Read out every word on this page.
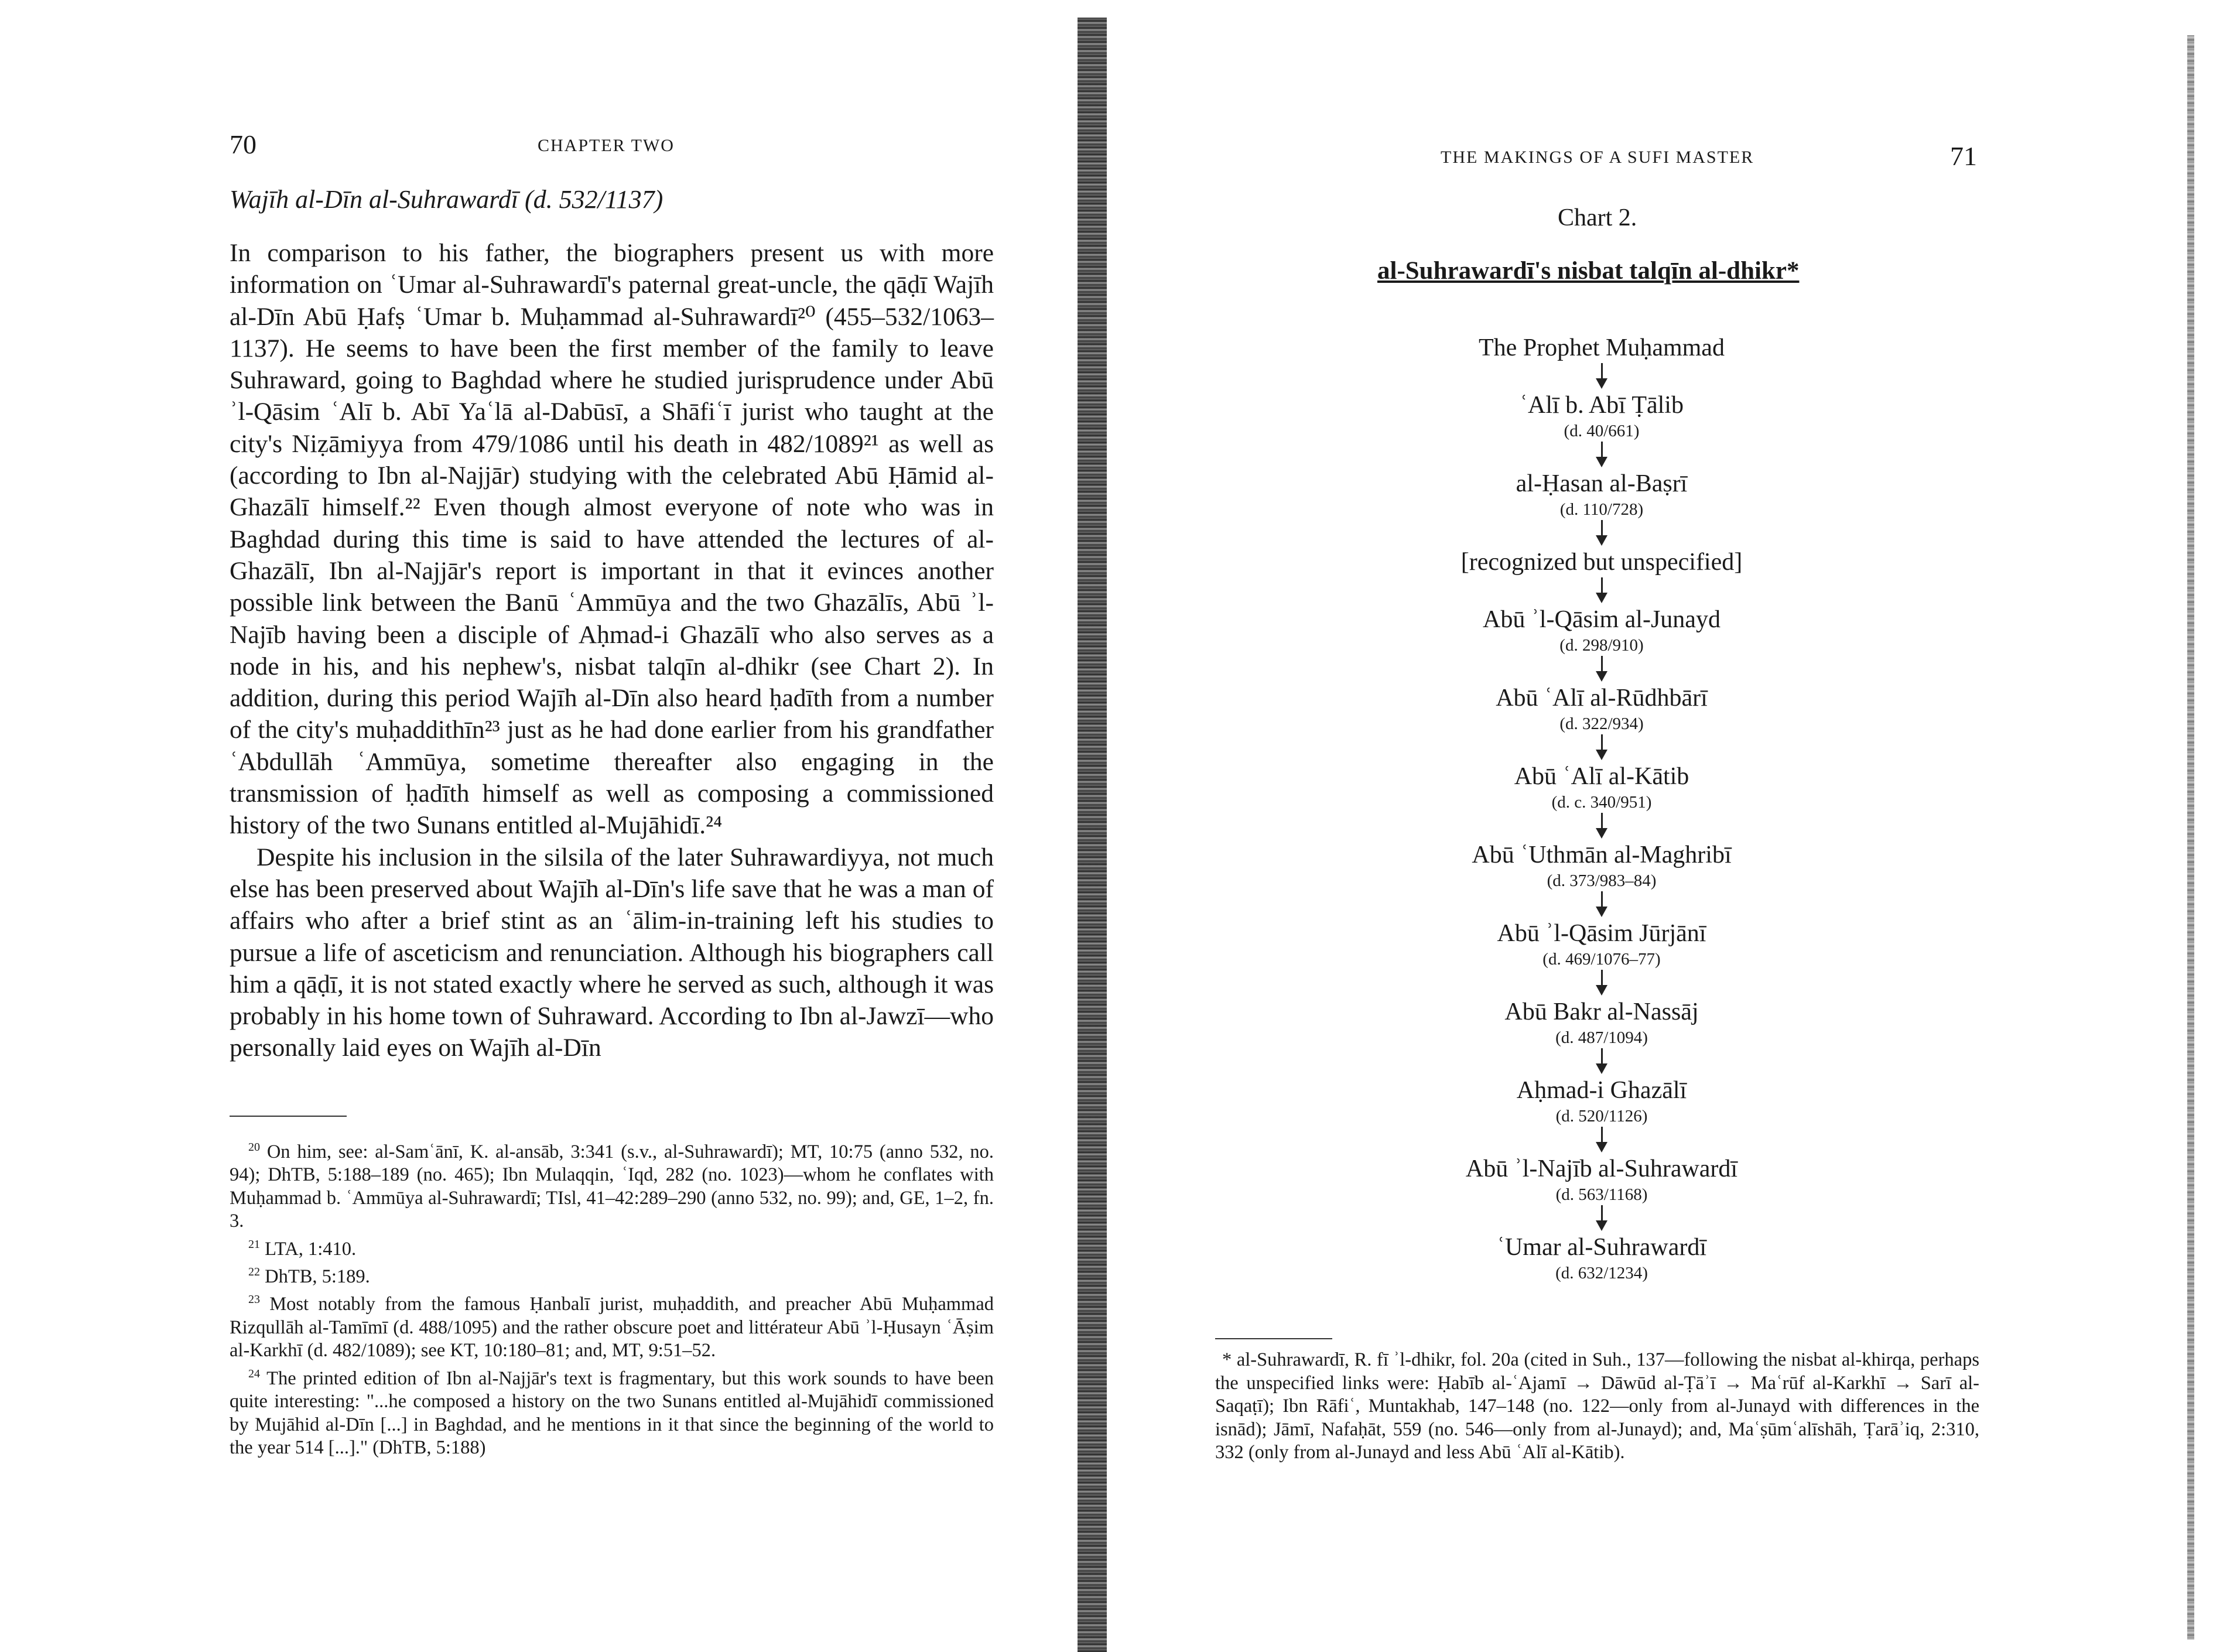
70	CHAPTER TWO
Wajīh al-Dīn al-Suhrawardī (d. 532/1137)

In comparison to his father, the biographers present us with more information on ʿUmar al-Suhrawardī's paternal great-uncle, the qāḍī Wajīh al-Dīn Abū Ḥafṣ ʿUmar b. Muḥammad al-Suhrawardī²⁰ (455–532/1063–1137). He seems to have been the first member of the family to leave Suhraward, going to Baghdad where he studied jurisprudence under Abū ʾl-Qāsim ʿAlī b. Abī Yaʿlā al-Dabūsī, a Shāfiʿī jurist who taught at the city's Niẓāmiyya from 479/1086 until his death in 482/1089²¹ as well as (according to Ibn al-Najjār) studying with the celebrated Abū Ḥāmid al-Ghazālī himself.²² Even though almost everyone of note who was in Baghdad during this time is said to have attended the lectures of al-Ghazālī, Ibn al-Najjār's report is important in that it evinces another possible link between the Banū ʿAmmūya and the two Ghazālīs, Abū ʾl-Najīb having been a disciple of Aḥmad-i Ghazālī who also serves as a node in his, and his nephew's, nisbat talqīn al-dhikr (see Chart 2). In addition, during this period Wajīh al-Dīn also heard ḥadīth from a number of the city's muḥaddithīn²³ just as he had done earlier from his grandfather ʿAbdullāh ʿAmmūya, sometime thereafter also engaging in the transmission of ḥadīth himself as well as composing a commissioned history of the two Sunans entitled al-Mujāhidī.²⁴

Despite his inclusion in the silsila of the later Suhrawardiyya, not much else has been preserved about Wajīh al-Dīn's life save that he was a man of affairs who after a brief stint as an ʿālim-in-training left his studies to pursue a life of asceticism and renunciation. Although his biographers call him a qāḍī, it is not stated exactly where he served as such, although it was probably in his home town of Suhraward. According to Ibn al-Jawzī—who personally laid eyes on Wajīh al-Dīn

$^{20}$ On him, see: al-Samʿānī, K. al-ansāb, 3:341 (s.v., al-Suhrawardī); MT, 10:75 (anno 532, no. 94); DhTB, 5:188–189 (no. 465); Ibn Mulaqqin, ʿIqd, 282 (no. 1023)—whom he conflates with Muḥammad b. ʿAmmūya al-Suhrawardī; TIsl, 41–42:289–290 (anno 532, no. 99); and, GE, 1–2, fn. 3.

$^{21}$ LTA, 1:410.

$^{22}$ DhTB, 5:189.

$^{23}$ Most notably from the famous Ḥanbalī jurist, muḥaddith, and preacher Abū Muḥammad Rizqullāh al-Tamīmī (d. 488/1095) and the rather obscure poet and littérateur Abū ʾl-Ḥusayn ʿĀṣim al-Karkhī (d. 482/1089); see KT, 10:180–81; and, MT, 9:51–52.

$^{24}$ The printed edition of Ibn al-Najjār's text is fragmentary, but this work sounds to have been quite interesting: "...he composed a history on the two Sunans entitled al-Mujāhidī commissioned by Mujāhid al-Dīn [...] in Baghdad, and he mentions in it that since the beginning of the world to the year 514 [...]." (DhTB, 5:188)

THE MAKINGS OF A SUFI MASTER	71
Chart 2.
al-Suhrawardī's nisbat talqīn al-dhikr*
The Prophet Muḥammad
ʿAlī b. Abī Ṭālib
(d. 40/661)
al-Ḥasan al-Baṣrī
(d. 110/728)
[recognized but unspecified]
Abū ʾl-Qāsim al-Junayd
(d. 298/910)
Abū ʿAlī al-Rūdhbārī
(d. 322/934)
Abū ʿAlī al-Kātib
(d. c. 340/951)
Abū ʿUthmān al-Maghribī
(d. 373/983–84)
Abū ʾl-Qāsim Jūrjānī
(d. 469/1076–77)
Abū Bakr al-Nassāj
(d. 487/1094)
Aḥmad-i Ghazālī
(d. 520/1126)
Abū ʾl-Najīb al-Suhrawardī
(d. 563/1168)
ʿUmar al-Suhrawardī
(d. 632/1234)

* al-Suhrawardī, R. fī ʾl-dhikr, fol. 20a (cited in Suh., 137—following the nisbat al-khirqa, perhaps the unspecified links were: Ḥabīb al-ʿAjamī → Dāwūd al-Ṭāʾī → Maʿrūf al-Karkhī → Sarī al-Saqaṭī); Ibn Rāfiʿ, Muntakhab, 147–148 (no. 122—only from al-Junayd with differences in the isnād); Jāmī, Nafaḥāt, 559 (no. 546—only from al-Junayd); and, Maʿṣūmʿalīshāh, Ṭarāʾiq, 2:310, 332 (only from al-Junayd and less Abū ʿAlī al-Kātib).
